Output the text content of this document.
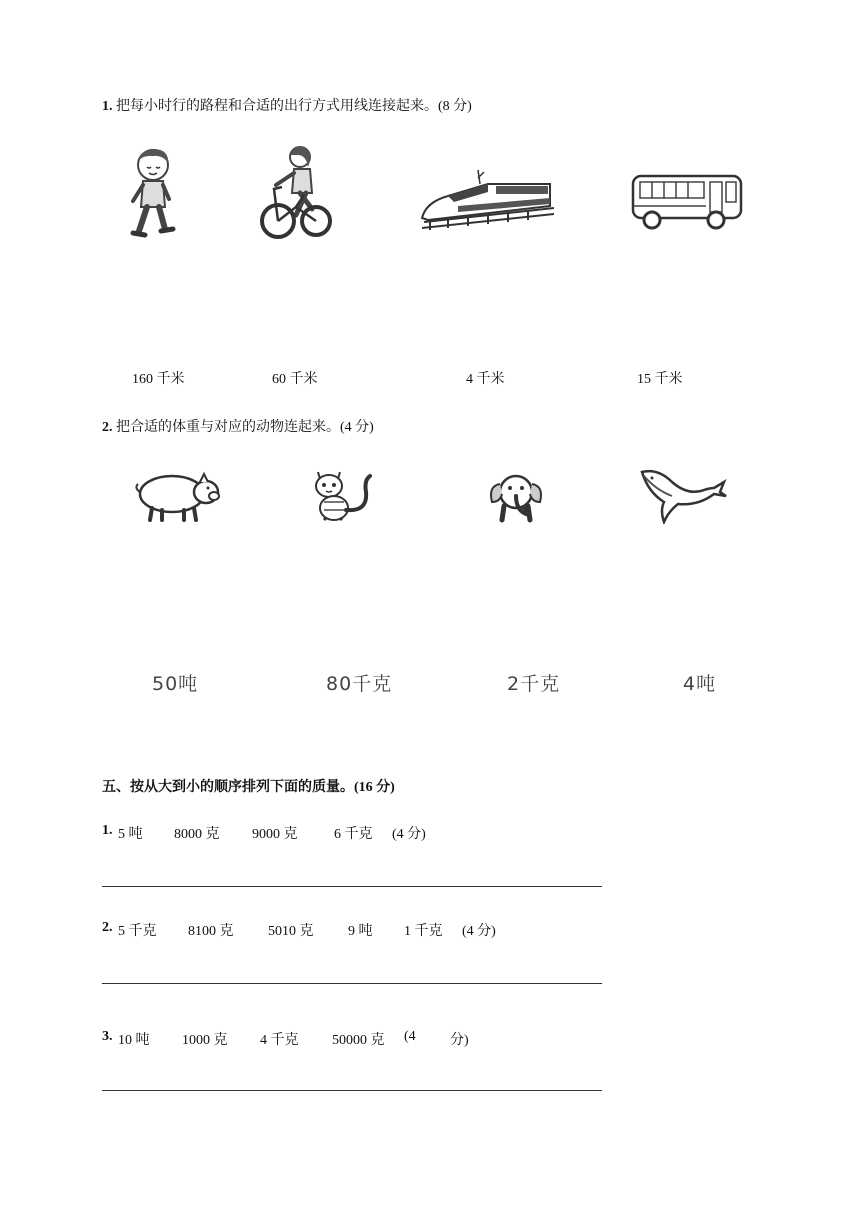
1. 把每小时行的路程和合适的出行方式用线连接起来。(8 分)
160 千米	60 千米	4 千米	15 千米
2. 把合适的体重与对应的动物连起来。(4 分)
50吨	80千克	2千克	4吨
五、按从大到小的顺序排列下面的质量。(16 分)
1. 5 吨 8000 克 9000 克	6 千克 (4 分)
2. 5 千克 8100 克 5010 克 9 吨 1 千克 (4 分)
3. 10 吨 1000 克 4 千克 50000 克 (4 分)
